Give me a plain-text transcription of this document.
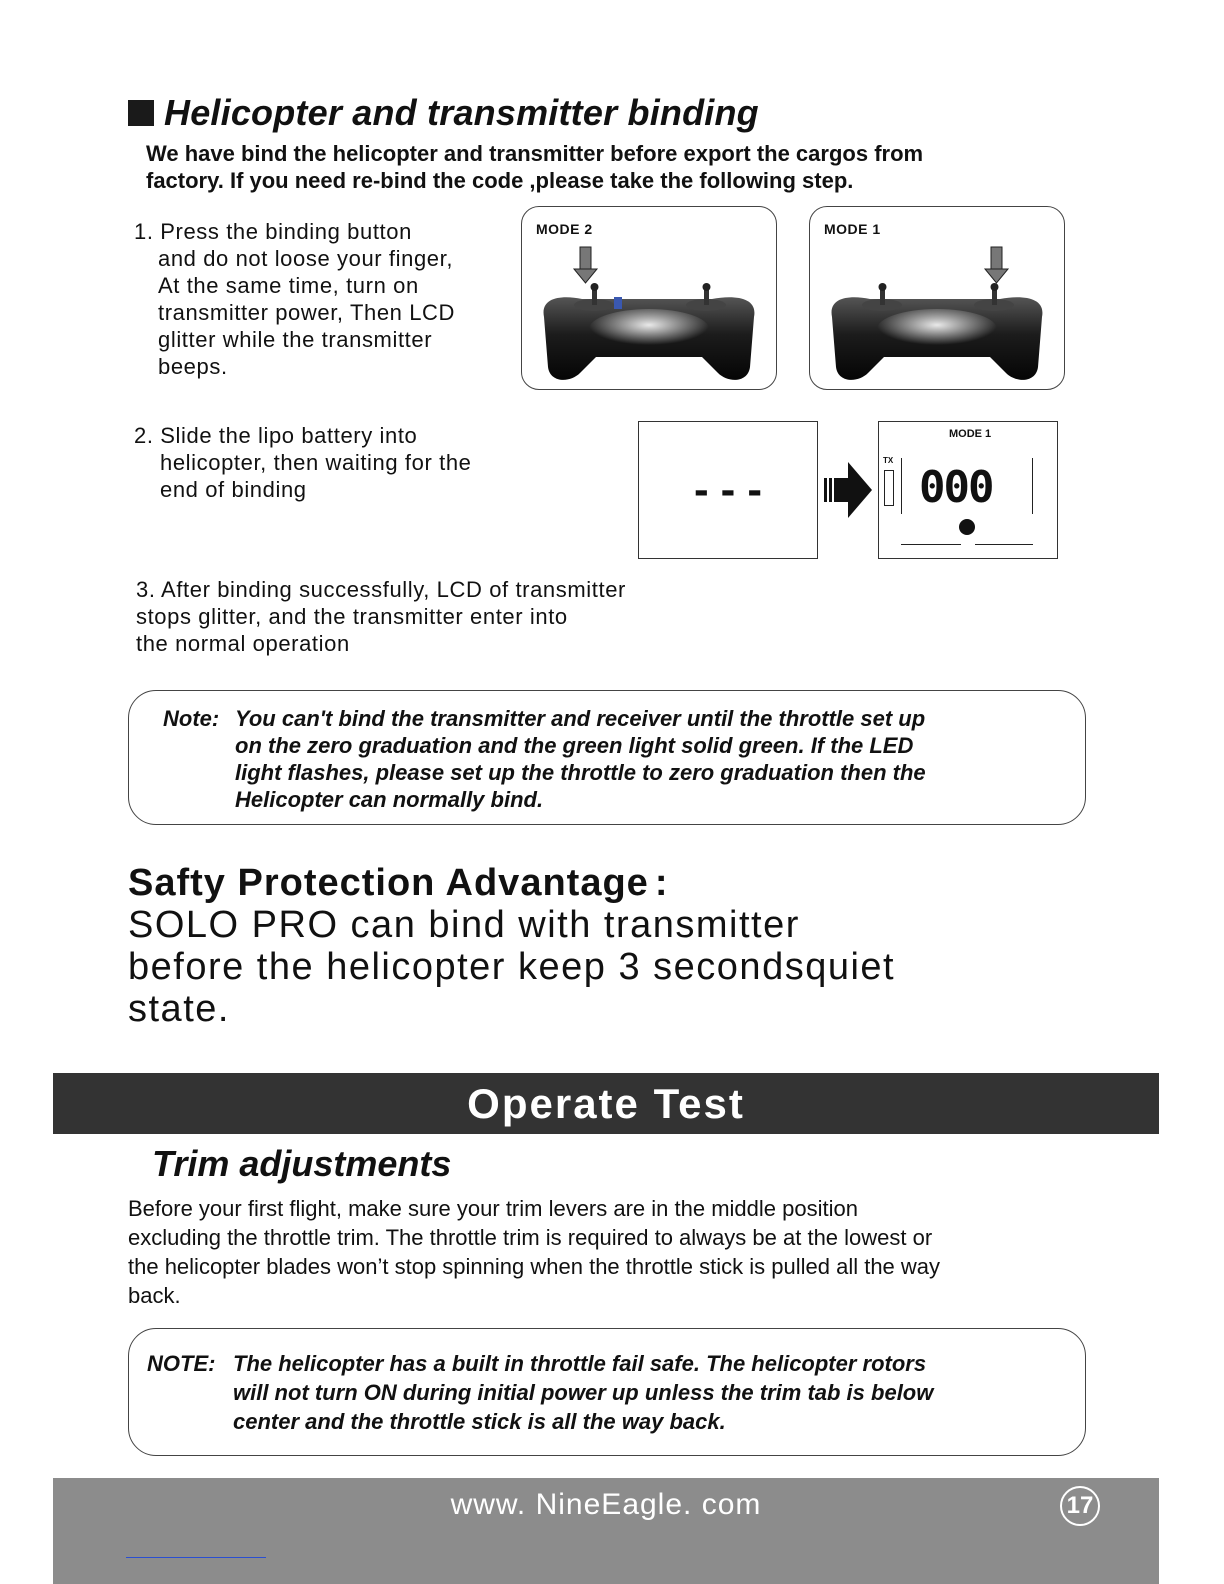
Helicopter and transmitter binding
We have bind the helicopter and transmitter before export the cargos from
factory. If you need re-bind the code ,please take the following step.
1. Press the binding button
and do not loose your finger,
At the same time, turn on
transmitter power, Then LCD
glitter while the transmitter
beeps.
MODE 2	MODE 1
2. Slide the lipo battery into
helicopter, then waiting for the
end of binding	---
MODE 1
TX
000
3. After binding successfully, LCD of transmitter
stops glitter, and the transmitter enter into
the normal operation
Note: You can't bind the transmitter and receiver until the throttle set up
on the zero graduation and the green light solid green. If the LED
light flashes, please set up the throttle to zero graduation then the
Helicopter can normally bind.
Safty Protection Advantage :
SOLO PRO can bind with transmitter
before the helicopter keep 3 secondsquiet
state.
Operate Test
Trim adjustments
Before your first flight, make sure your trim levers are in the middle position
excluding the throttle trim. The throttle trim is required to always be at the lowest or
the helicopter blades won’t stop spinning when the throttle stick is pulled all the way
back.
NOTE: The helicopter has a built in throttle fail safe. The helicopter rotors
will not turn ON during initial power up unless the trim tab is below
center and the throttle stick is all the way back.
www. NineEagle. com	17
